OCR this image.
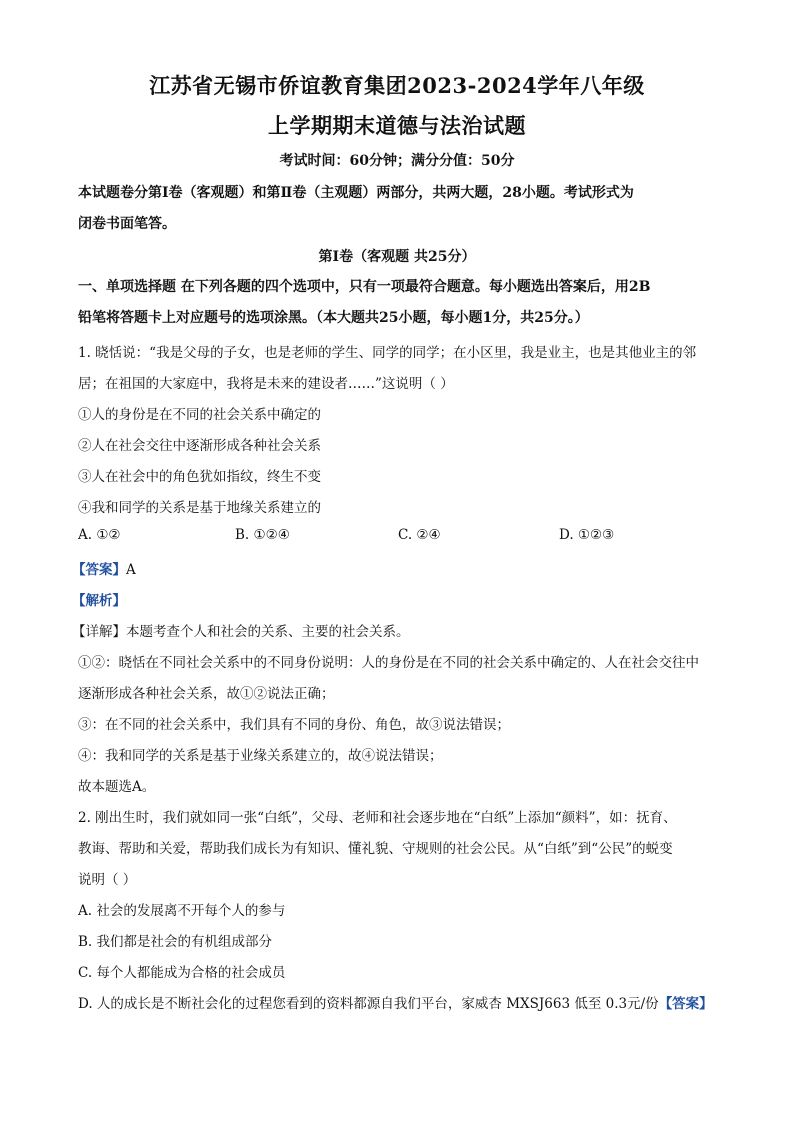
江苏省无锡市侨谊教育集团2023-2024学年八年级
上学期期末道德与法治试题
考试时间：60分钟；满分分值：50分
本试题卷分第Ⅰ卷（客观题）和第Ⅱ卷（主观题）两部分，共两大题，28小题。考试形式为
闭卷书面笔答。
第Ⅰ卷（客观题 共25分）
一、单项选择题 在下列各题的四个选项中，只有一项最符合题意。每小题选出答案后，用2B
铅笔将答题卡上对应题号的选项涂黑。（本大题共25小题，每小题1分，共25分。）
1. 晓恬说：“我是父母的子女，也是老师的学生、同学的同学；在小区里，我是业主，也是其他业主的邻
居；在祖国的大家庭中，我将是未来的建设者……”这说明（ ）
①人的身份是在不同的社会关系中确定的
②人在社会交往中逐渐形成各种社会关系
③人在社会中的角色犹如指纹，终生不变
④我和同学的关系是基于地缘关系建立的
A. ①②	B. ①②④	C. ②④	D. ①②③
【答案】A
【解析】
【详解】本题考查个人和社会的关系、主要的社会关系。
①②：晓恬在不同社会关系中的不同身份说明：人的身份是在不同的社会关系中确定的、人在社会交往中
逐渐形成各种社会关系，故①②说法正确；
③：在不同的社会关系中，我们具有不同的身份、角色，故③说法错误；
④：我和同学的关系是基于业缘关系建立的，故④说法错误；
故本题选A。
2. 刚出生时，我们就如同一张“白纸”，父母、老师和社会逐步地在“白纸”上添加“颜料”，如：抚育、
教诲、帮助和关爱，帮助我们成长为有知识、懂礼貌、守规则的社会公民。从“白纸”到“公民”的蜕变
说明（ ）
A. 社会的发展离不开每个人的参与
B. 我们都是社会的有机组成部分
C. 每个人都能成为合格的社会成员
D. 人的成长是不断社会化的过程您看到的资料都源自我们平台，家威杏 MXSJ663 低至 0.3元/份【答案】
